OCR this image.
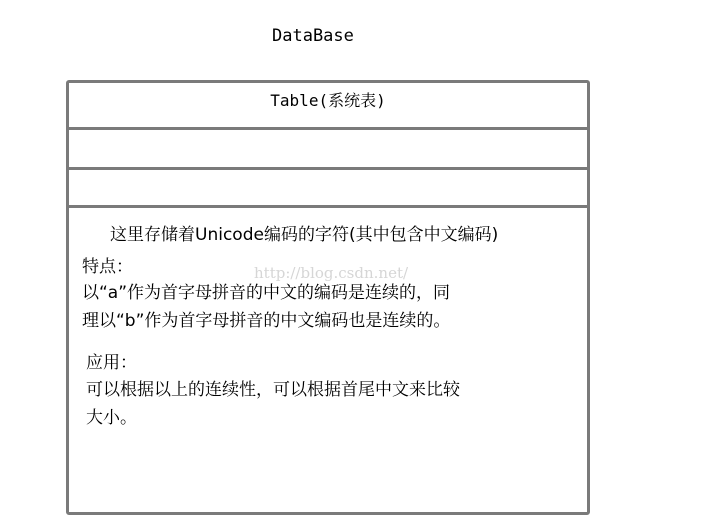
DataBase
Table(系统表)
http://blog.csdn.net/
这里存储着Unicode编码的字符(其中包含中文编码)
特点：
以“a”作为首字母拼音的中文的编码是连续的，同
理以“b”作为首字母拼音的中文编码也是连续的。
应用：
可以根据以上的连续性，可以根据首尾中文来比较
大小。
